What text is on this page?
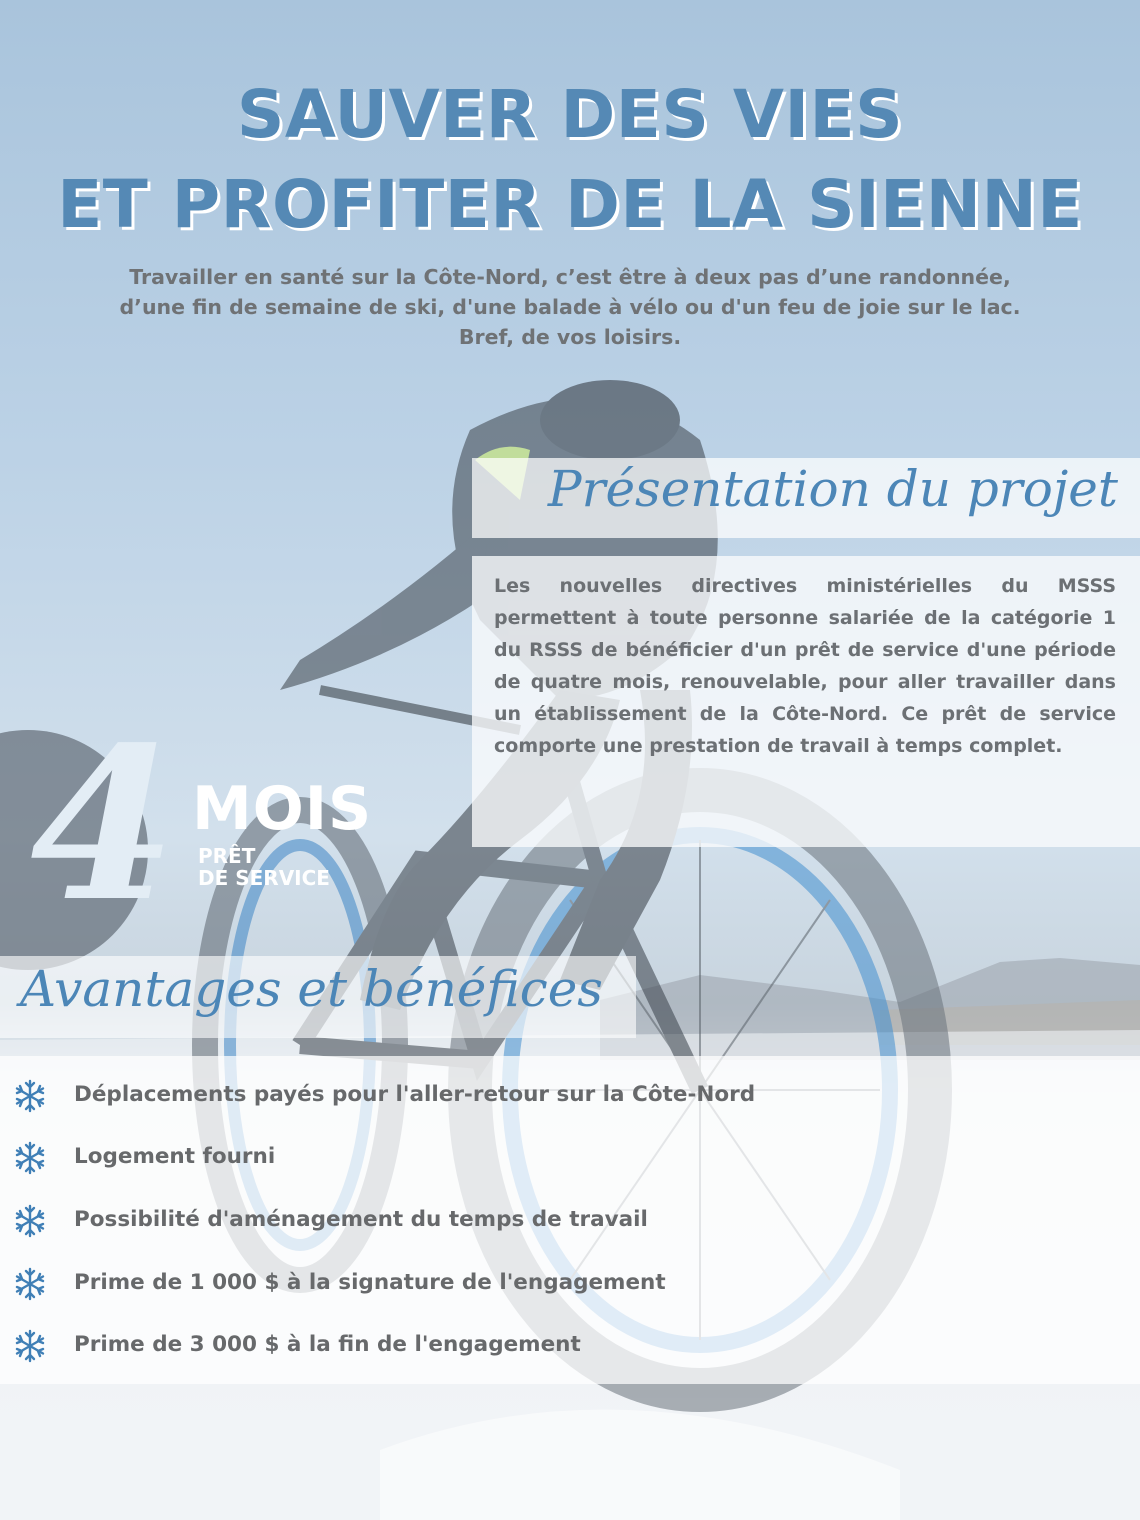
SAUVER DES VIES
ET PROFITER DE LA SIENNE
Travailler en santé sur la Côte-Nord, c’est être à deux pas d’une randonnée,
d’une fin de semaine de ski, d'une balade à vélo ou d'un feu de joie sur le lac.
Bref, de vos loisirs.
Présentation du projet
Les nouvelles directives ministérielles du MSSS permettent à toute personne salariée de la catégorie 1 du RSSS de bénéficier d'un prêt de service d'une période de quatre mois, renouvelable, pour aller travailler dans un établissement de la Côte-Nord. Ce prêt de service comporte une prestation de travail à temps complet.
4 MOIS
PRÊT
DE SERVICE
Avantages et bénéfices
Déplacements payés pour l'aller-retour sur la Côte-Nord
Logement fourni
Possibilité d'aménagement du temps de travail
Prime de 1 000 $ à la signature de l'engagement
Prime de 3 000 $ à la fin de l'engagement
